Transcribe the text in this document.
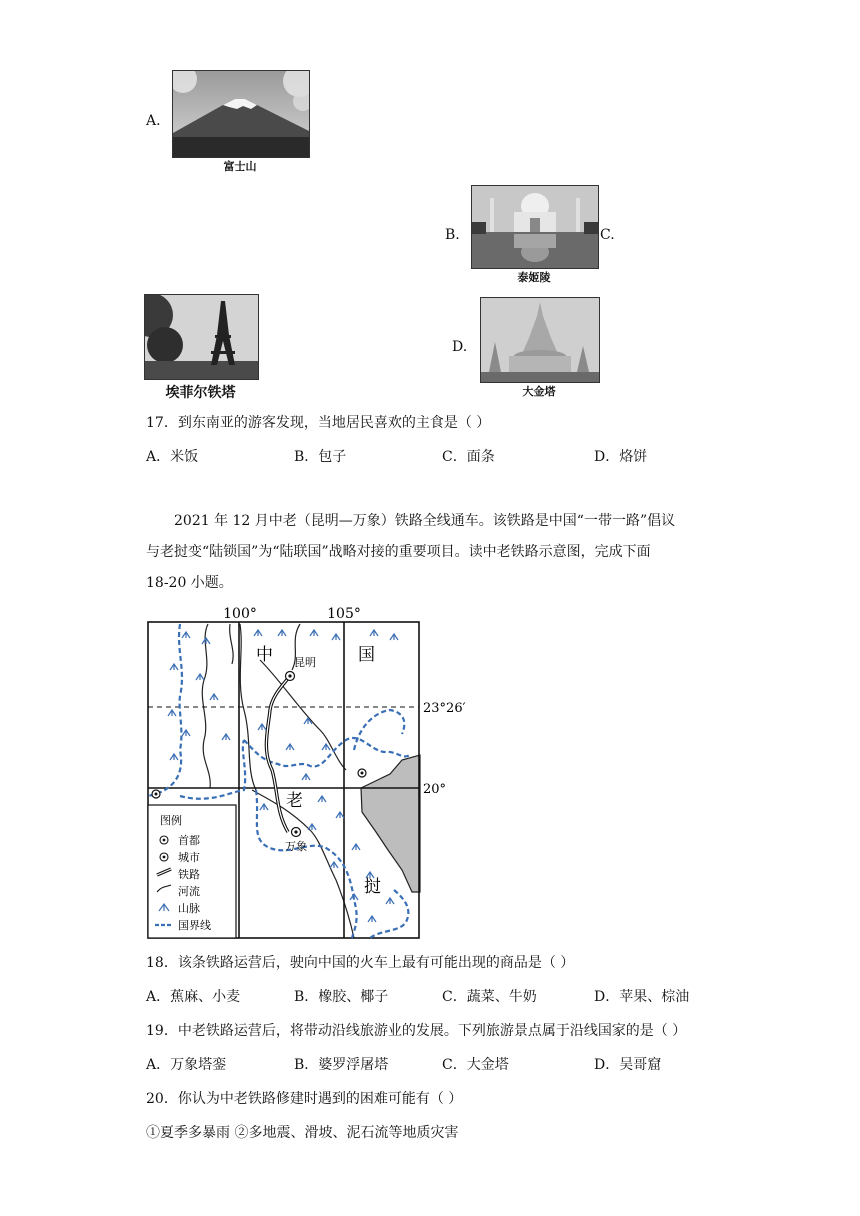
A.
富士山
B.	C.
泰姬陵
埃菲尔铁塔
D.
大金塔
17．到东南亚的游客发现，当地居民喜欢的主食是（ ）
A．米饭	B．包子	C．面条	D．烙饼
2021 年 12 月中老（昆明—万象）铁路全线通车。该铁路是中国“一带一路”倡议
与老挝变“陆锁国”为“陆联国”战略对接的重要项目。读中老铁路示意图，完成下面
18-20 小题。
100°	105°
23°26′
20°
昆明
万象
中	国
老
挝
图例
首都
城市
铁路
河流
山脉
国界线
18．该条铁路运营后，驶向中国的火车上最有可能出现的商品是（ ）
A．蕉麻、小麦	B．橡胶、椰子	C．蔬菜、牛奶	D．苹果、棕油
19．中老铁路运营后，将带动沿线旅游业的发展。下列旅游景点属于沿线国家的是（ ）
A．万象塔銮	B．婆罗浮屠塔	C．大金塔	D．吴哥窟
20．你认为中老铁路修建时遇到的困难可能有（ ）
①夏季多暴雨 ②多地震、滑坡、泥石流等地质灾害
